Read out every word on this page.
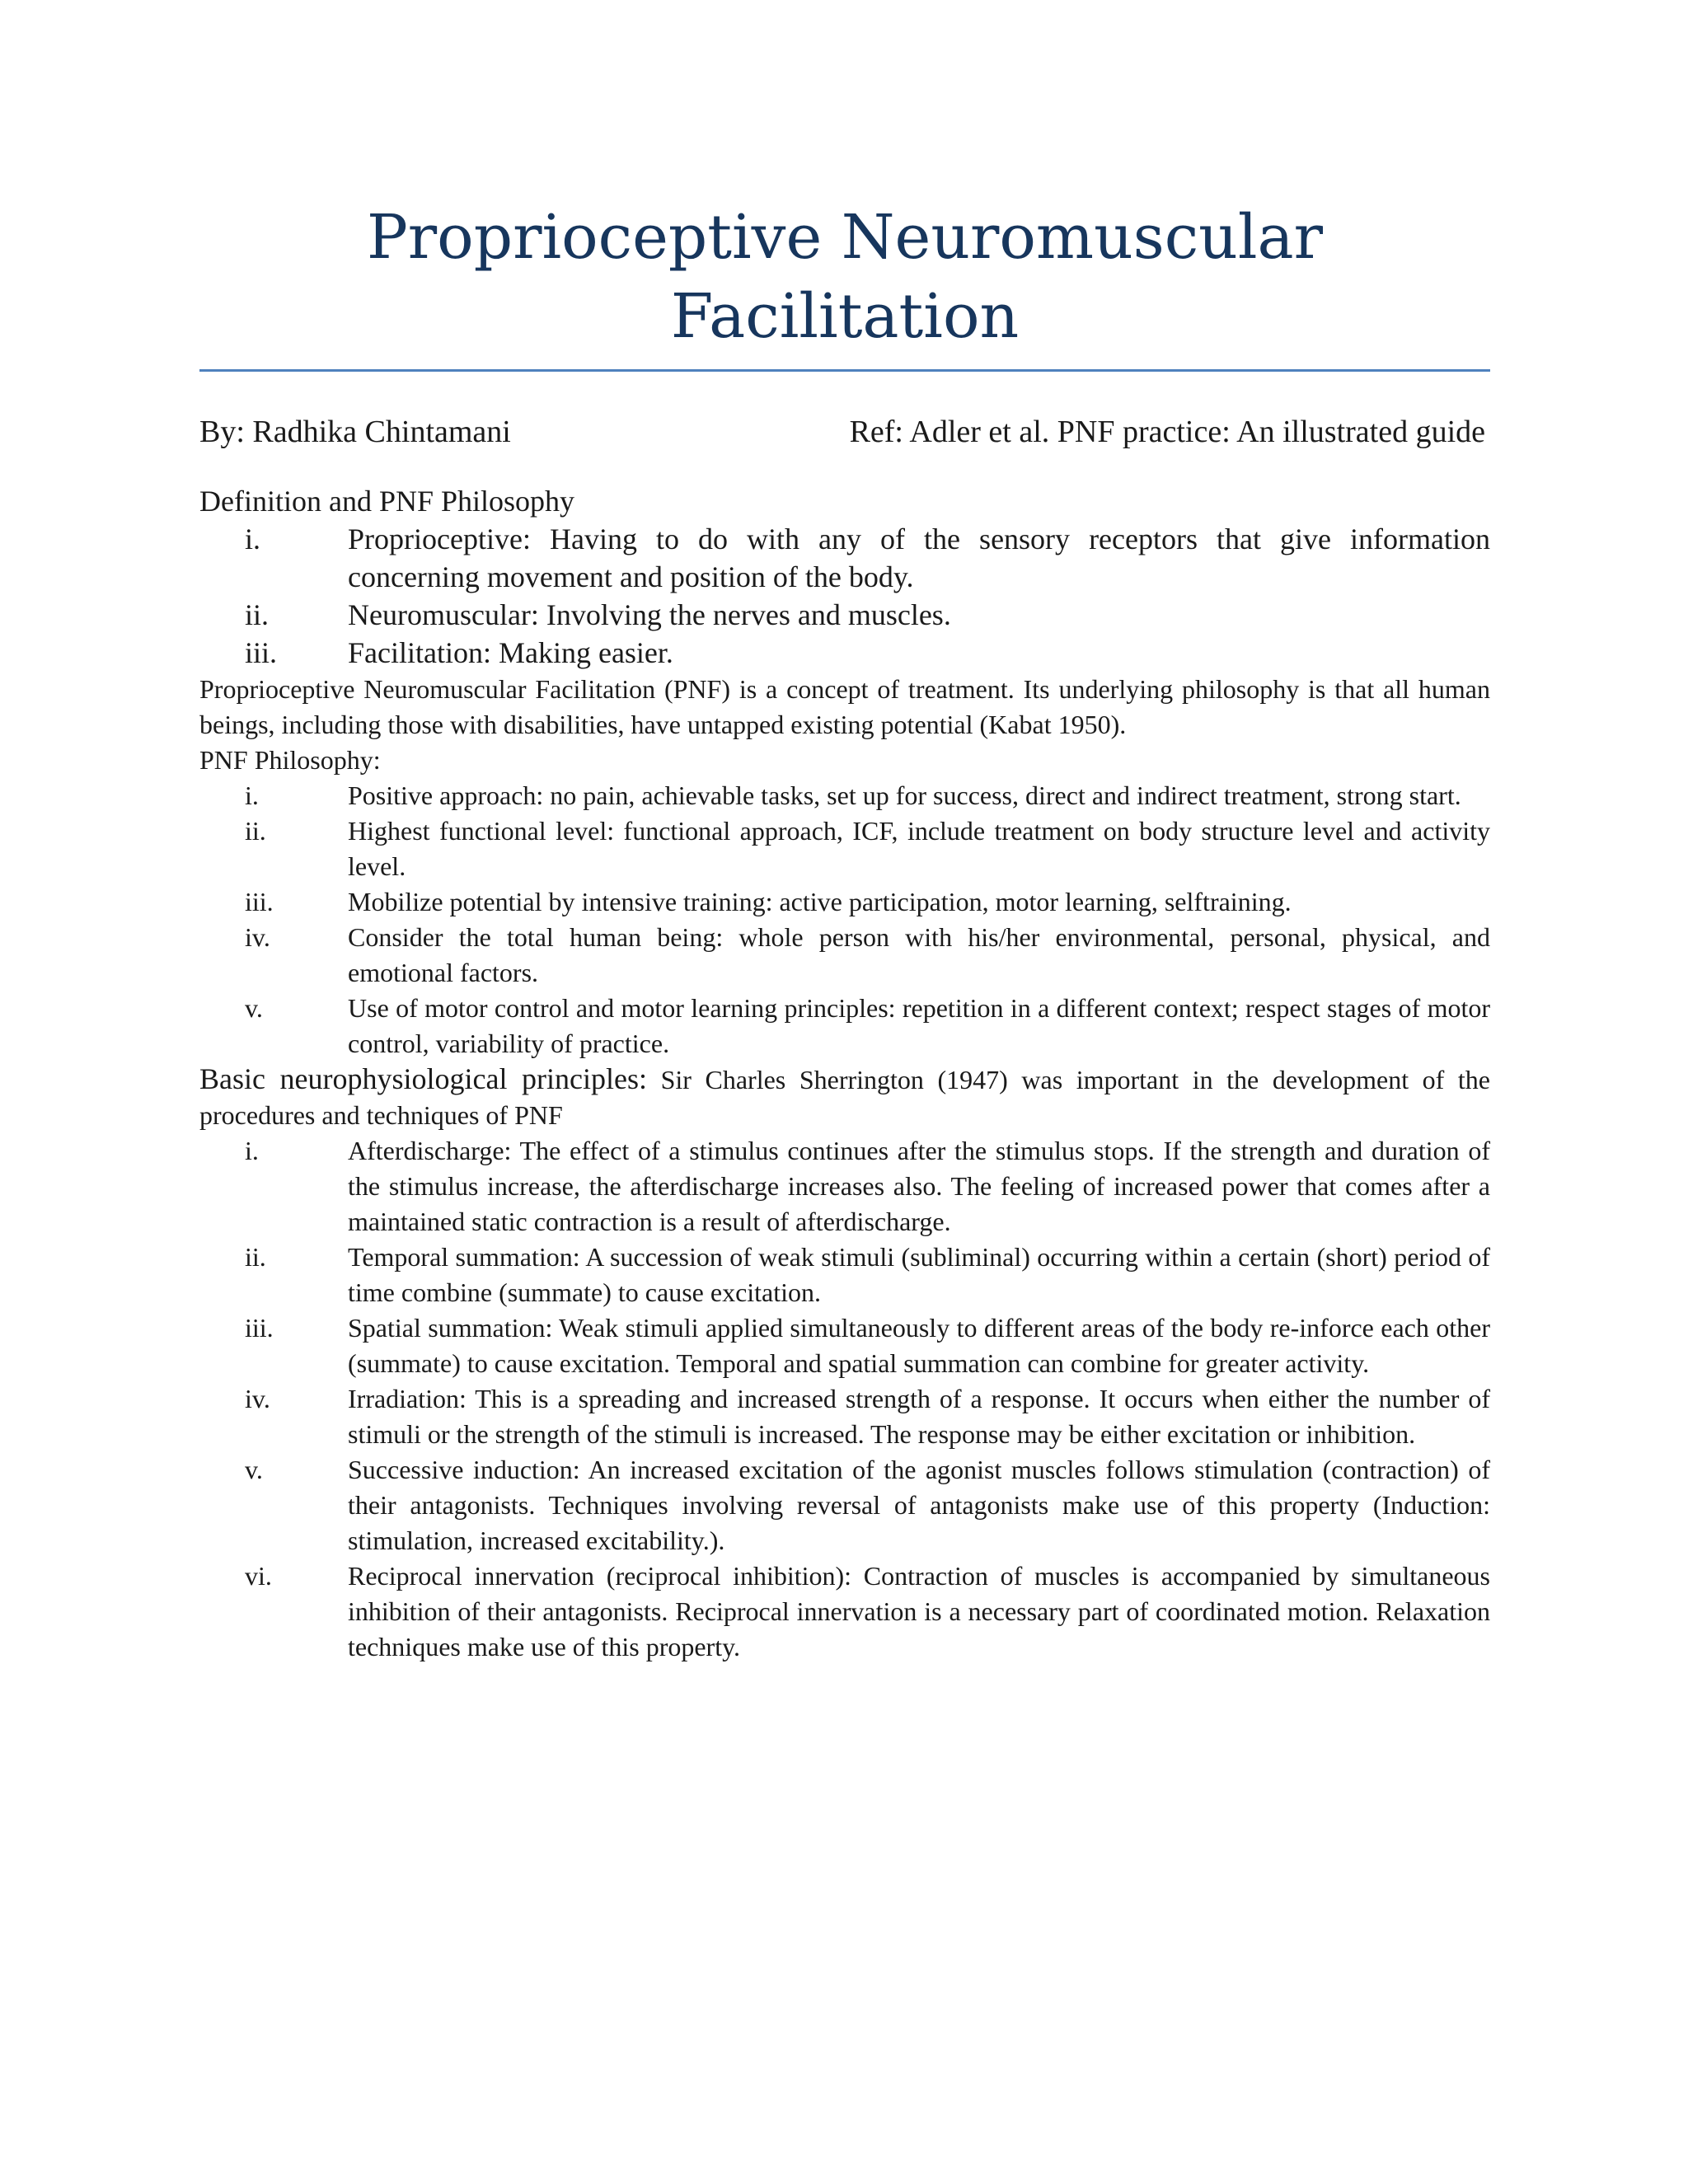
Proprioceptive Neuromuscular
Facilitation
By: Radhika Chintamani	Ref: Adler et al. PNF practice: An illustrated guide
Definition and PNF Philosophy
i.	Proprioceptive: Having to do with any of the sensory receptors that give information concerning movement and position of the body.
ii.	Neuromuscular: Involving the nerves and muscles.
iii.	Facilitation: Making easier.
Proprioceptive Neuromuscular Facilitation (PNF) is a concept of treatment. Its underlying philosophy is that all human beings, including those with disabilities, have untapped existing potential (Kabat 1950).
PNF Philosophy:
i.	Positive approach: no pain, achievable tasks, set up for success, direct and indirect treatment, strong start.
ii.	Highest functional level: functional approach, ICF, include treatment on body structure level and activity level.
iii.	Mobilize potential by intensive training: active participation, motor learning, selftraining.
iv.	Consider the total human being: whole person with his/her environmental, personal, physical, and emotional factors.
v.	Use of motor control and motor learning principles: repetition in a different context; respect stages of motor control, variability of practice.
Basic neurophysiological principles: Sir Charles Sherrington (1947) was important in the development of the procedures and techniques of PNF
i.	Afterdischarge: The effect of a stimulus continues after the stimulus stops. If the strength and duration of the stimulus increase, the afterdischarge increases also. The feeling of increased power that comes after a maintained static contraction is a result of afterdischarge.
ii.	Temporal summation: A succession of weak stimuli (subliminal) occurring within a certain (short) period of time combine (summate) to cause excitation.
iii.	Spatial summation: Weak stimuli applied simultaneously to different areas of the body re-inforce each other (summate) to cause excitation. Temporal and spatial summation can combine for greater activity.
iv.	Irradiation: This is a spreading and increased strength of a response. It occurs when either the number of stimuli or the strength of the stimuli is increased. The response may be either excitation or inhibition.
v.	Successive induction: An increased excitation of the agonist muscles follows stimulation (contraction) of their antagonists. Techniques involving reversal of antagonists make use of this property (Induction: stimulation, increased excitability.).
vi.	Reciprocal innervation (reciprocal inhibition): Contraction of muscles is accompanied by simultaneous inhibition of their antagonists. Reciprocal innervation is a necessary part of coordinated motion. Relaxation techniques make use of this property.
